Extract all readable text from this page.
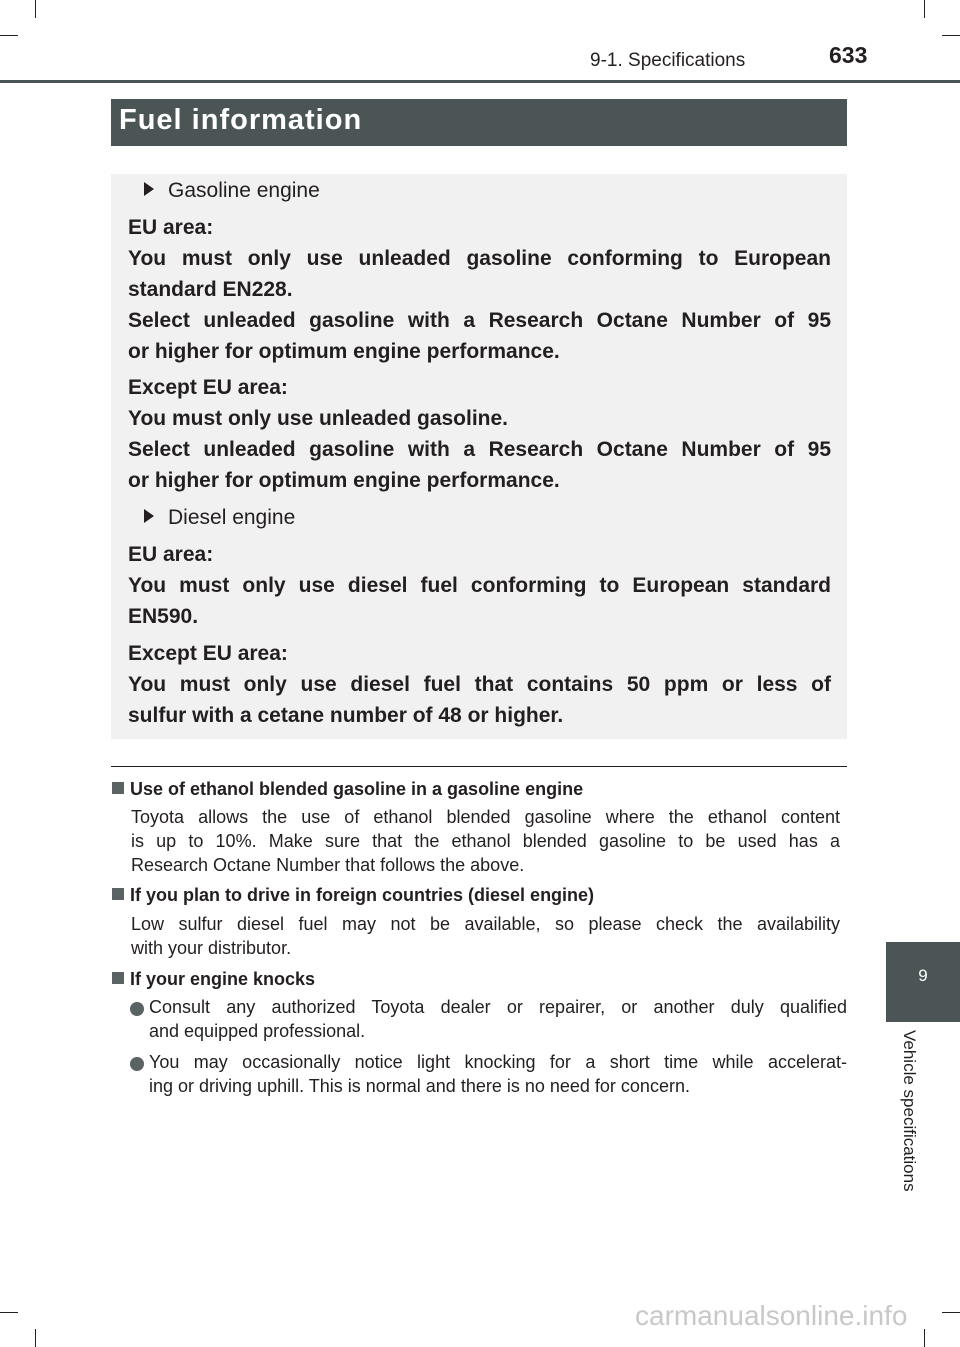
9-1. Specifications	633
Fuel information
Gasoline engine
EU area:
You must only use unleaded gasoline conforming to European
standard EN228.
Select unleaded gasoline with a Research Octane Number of 95
or higher for optimum engine performance.
Except EU area:
You must only use unleaded gasoline.
Select unleaded gasoline with a Research Octane Number of 95
or higher for optimum engine performance.
Diesel engine
EU area:
You must only use diesel fuel conforming to European standard
EN590.
Except EU area:
You must only use diesel fuel that contains 50 ppm or less of
sulfur with a cetane number of 48 or higher.
Use of ethanol blended gasoline in a gasoline engine
Toyota allows the use of ethanol blended gasoline where the ethanol content
is up to 10%. Make sure that the ethanol blended gasoline to be used has a
Research Octane Number that follows the above.
If you plan to drive in foreign countries (diesel engine)
Low sulfur diesel fuel may not be available, so please check the availability
with your distributor.
If your engine knocks
Consult any authorized Toyota dealer or repairer, or another duly qualified
and equipped professional.
You may occasionally notice light knocking for a short time while accelerat-
ing or driving uphill. This is normal and there is no need for concern.
9
Vehicle specifications
carmanualsonline.info
